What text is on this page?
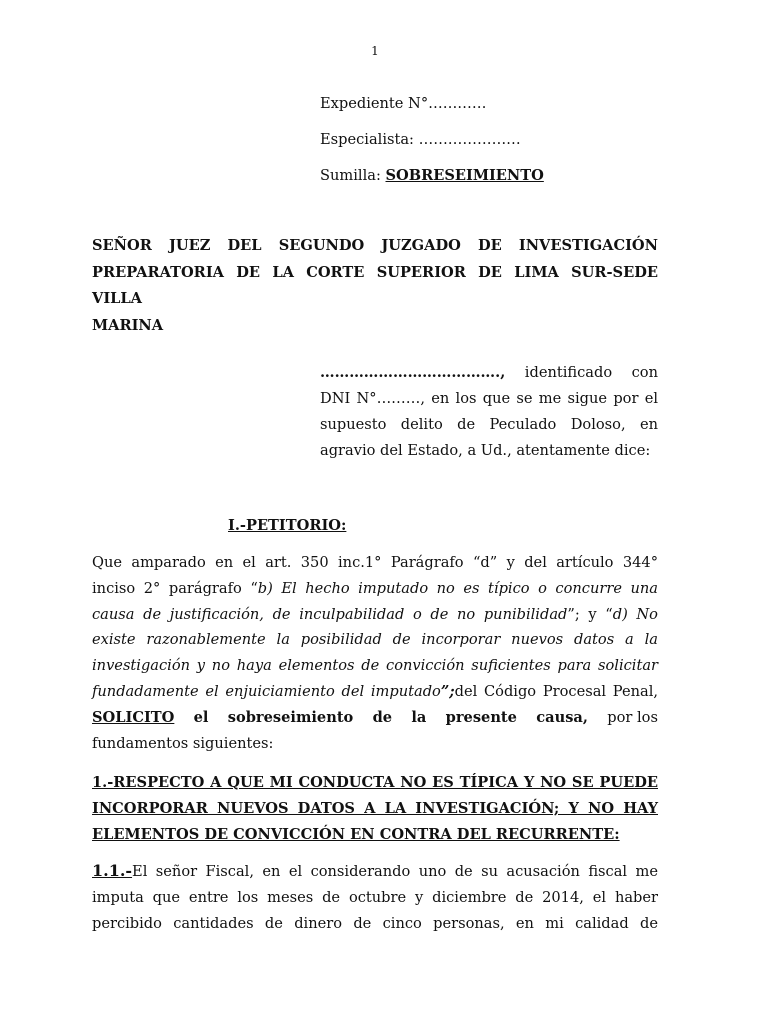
1
Expediente N°…………
Especialista: …………………
Sumilla: SOBRESEIMIENTO
SEÑOR JUEZ DEL SEGUNDO JUZGADO DE INVESTIGACIÓN
PREPARATORIA DE LA CORTE SUPERIOR DE LIMA SUR-SEDE VILLA
MARINA
………………………………., identificado con
DNI N°………, en los que se me sigue por el
supuesto delito de Peculado Doloso, en
agravio del Estado, a Ud., atentamente dice:
I.-PETITORIO:
Que amparado en el art. 350 inc.1° Parágrafo “d” y del artículo 344°
inciso 2° parágrafo “b) El hecho imputado no es típico o concurre una
causa de justificación, de inculpabilidad o de no punibilidad”; y “d) No
existe razonablemente la posibilidad de incorporar nuevos datos a la
investigación y no haya elementos de convicción suficientes para solicitar
fundadamente el enjuiciamiento del imputado”;del Código Procesal Penal,
SOLICITO el sobreseimiento de la presente causa, por los
fundamentos siguientes:
1.-RESPECTO A QUE MI CONDUCTA NO ES TÍPICA Y NO SE PUEDE
INCORPORAR NUEVOS DATOS A LA INVESTIGACIÓN; Y NO HAY
ELEMENTOS DE CONVICCIÓN EN CONTRA DEL RECURRENTE:
1.1.-El señor Fiscal, en el considerando uno de su acusación fiscal me
imputa que entre los meses de octubre y diciembre de 2014, el haber
percibido cantidades de dinero de cinco personas, en mi calidad de
